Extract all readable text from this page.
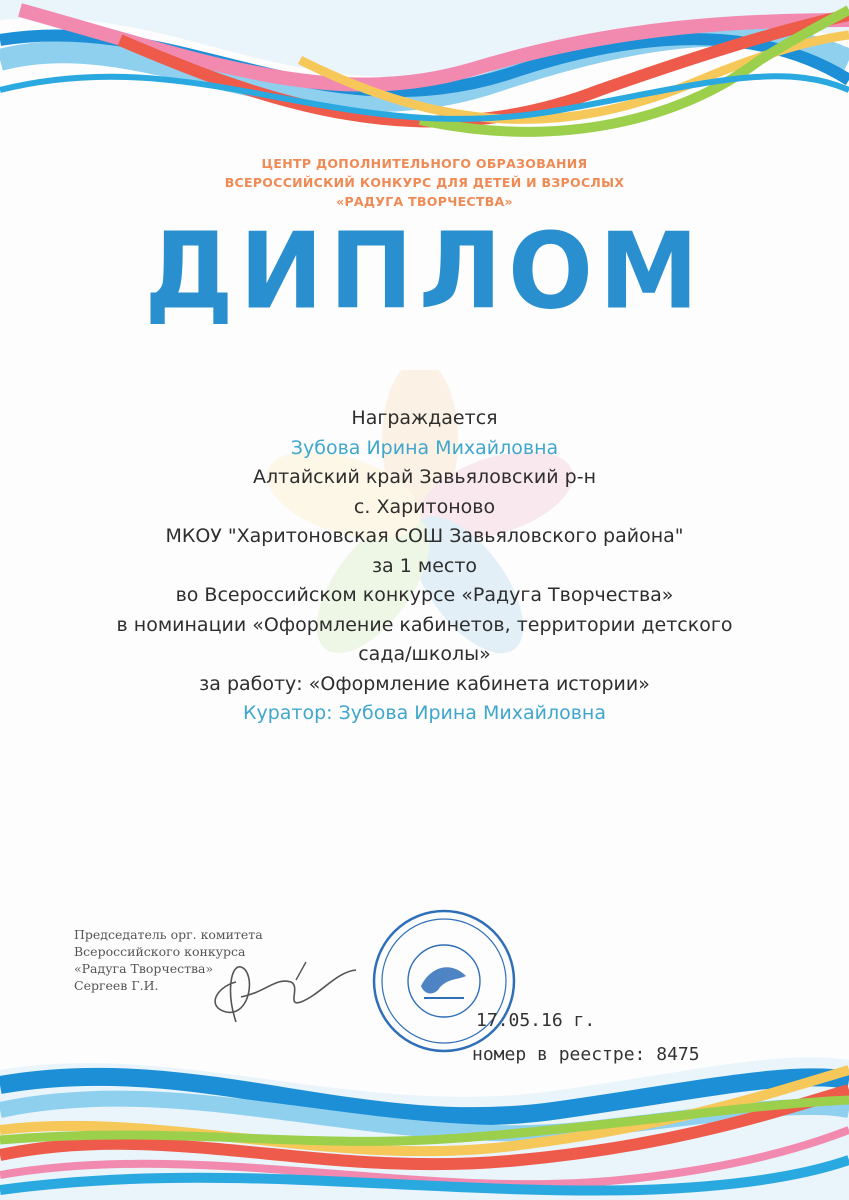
ЦЕНТР ДОПОЛНИТЕЛЬНОГО ОБРАЗОВАНИЯ
ВСЕРОССИЙСКИЙ КОНКУРС ДЛЯ ДЕТЕЙ И ВЗРОСЛЫХ
«РАДУГА ТВОРЧЕСТВА»
ДИПЛОМ
Награждается
Зубова Ирина Михайловна
Алтайский край Завьяловский р-н
с. Харитоново
МКОУ "Харитоновская СОШ Завьяловского района"
за 1 место
во Всероссийском конкурсе «Радуга Творчества»
в номинации «Оформление кабинетов, территории детского
сада/школы»
за работу: «Оформление кабинета истории»
Куратор: Зубова Ирина Михайловна
Председатель орг. комитета
Всероссийского конкурса
«Радуга Творчества»
Сергеев Г.И.
17.05.16 г.
номер в реестре: 8475
